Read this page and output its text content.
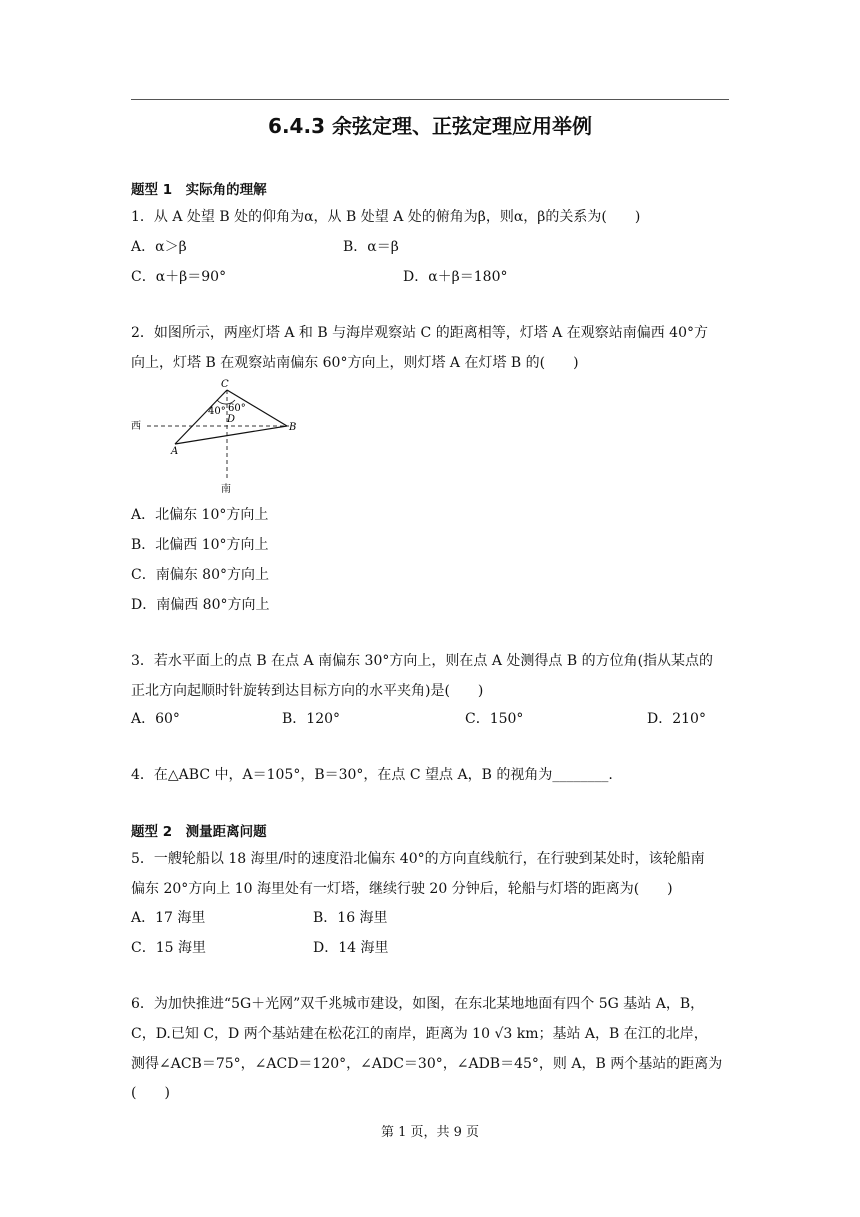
6.4.3 余弦定理、正弦定理应用举例
题型 1　实际角的理解
1．从 A 处望 B 处的仰角为α，从 B 处望 A 处的俯角为β，则α，β的关系为(　　)
A．α＞β	B．α＝β
C．α＋β＝90°	D．α＋β＝180°
2．如图所示，两座灯塔 A 和 B 与海岸观察站 C 的距离相等，灯塔 A 在观察站南偏西 40°方
向上，灯塔 B 在观察站南偏东 60°方向上，则灯塔 A 在灯塔 B 的(　　)
C
D
A
B
40° 60°
西
南
A．北偏东 10°方向上
B．北偏西 10°方向上
C．南偏东 80°方向上
D．南偏西 80°方向上
3．若水平面上的点 B 在点 A 南偏东 30°方向上，则在点 A 处测得点 B 的方位角(指从某点的
正北方向起顺时针旋转到达目标方向的水平夹角)是(　　)
A．60°	B．120°	C．150°	D．210°
4．在△ABC 中，A＝105°，B＝30°，在点 C 望点 A，B 的视角为________.
题型 2　测量距离问题
5．一艘轮船以 18 海里/时的速度沿北偏东 40°的方向直线航行，在行驶到某处时，该轮船南
偏东 20°方向上 10 海里处有一灯塔，继续行驶 20 分钟后，轮船与灯塔的距离为(　　)
A．17 海里	B．16 海里
C．15 海里	D．14 海里
6．为加快推进“5G＋光网”双千兆城市建设，如图，在东北某地地面有四个 5G 基站 A，B，
C，D.已知 C，D 两个基站建在松花江的南岸，距离为 10 √3 km；基站 A，B 在江的北岸，
测得∠ACB＝75°，∠ACD＝120°，∠ADC＝30°，∠ADB＝45°，则 A，B 两个基站的距离为
(　　)
第 1 页，共 9 页
